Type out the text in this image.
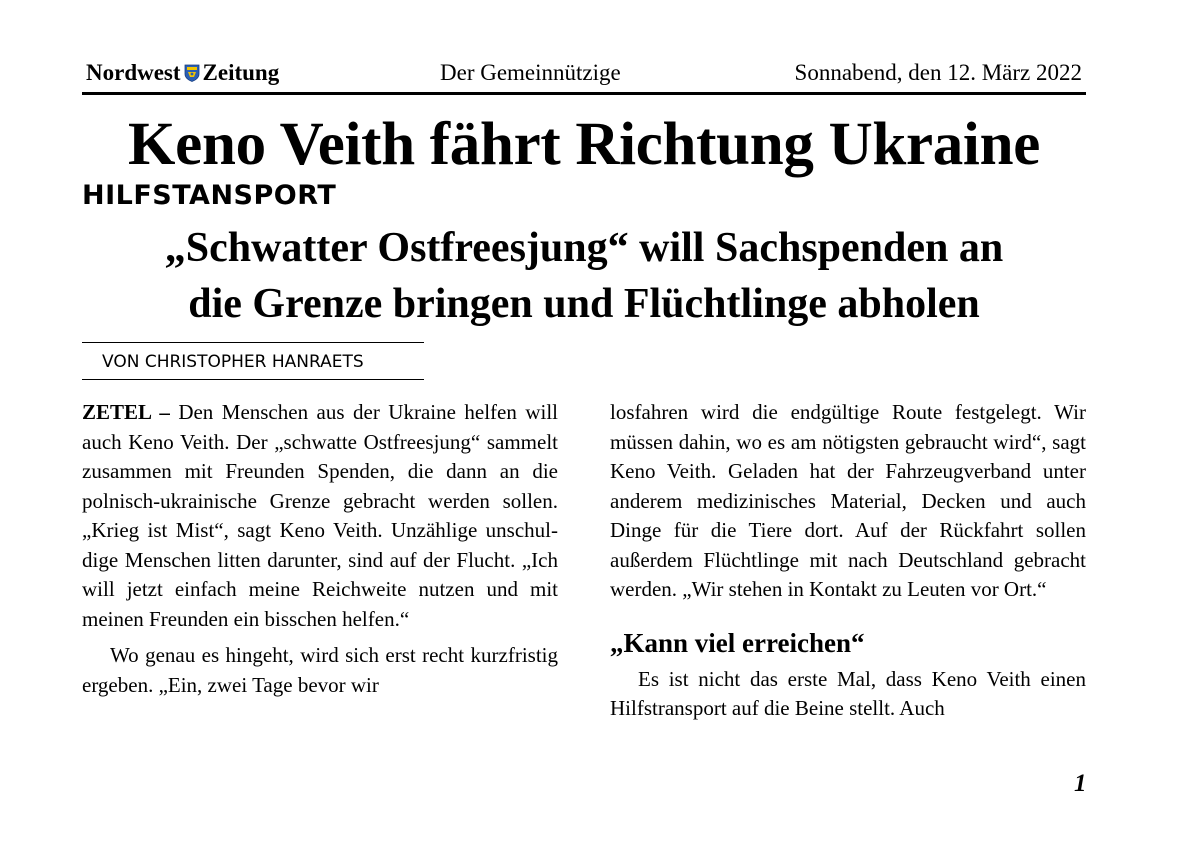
Nordwest Zeitung	Der Gemeinnützige	Sonnabend, den 12. März 2022
Keno Veith fährt Richtung Ukraine
HILFSTANSPORT
„Schwatter Ostfreesjung“ will Sachspenden an
die Grenze bringen und Flüchtlinge abholen
VON CHRISTOPHER HANRAETS

ZETEL – Den Menschen aus der Ukraine helfen will auch Keno Veith. Der „schwatte Ostfreesjung“ sammelt zusammen mit Freunden Spenden, die dann an die polnisch-ukrainische Grenze gebracht werden sollen. „Krieg ist Mist“, sagt Keno Veith. Unzählige unschuldige Menschen litten darunter, sind auf der Flucht. „Ich will jetzt einfach meine Reichweite nutzen und mit meinen Freunden ein bisschen helfen.“

Wo genau es hingeht, wird sich erst recht kurzfristig ergeben. „Ein, zwei Tage bevor wir

losfahren wird die endgültige Route festgelegt. Wir müssen dahin, wo es am nötigsten gebraucht wird“, sagt Keno Veith. Geladen hat der Fahrzeugverband unter anderem medizinisches Material, Decken und auch Dinge für die Tiere dort. Auf der Rückfahrt sollen außerdem Flüchtlinge mit nach Deutschland gebracht werden. „Wir stehen in Kontakt zu Leuten vor Ort.“

„Kann viel erreichen“

Es ist nicht das erste Mal, dass Keno Veith einen Hilfstransport auf die Beine stellt. Auch

1
